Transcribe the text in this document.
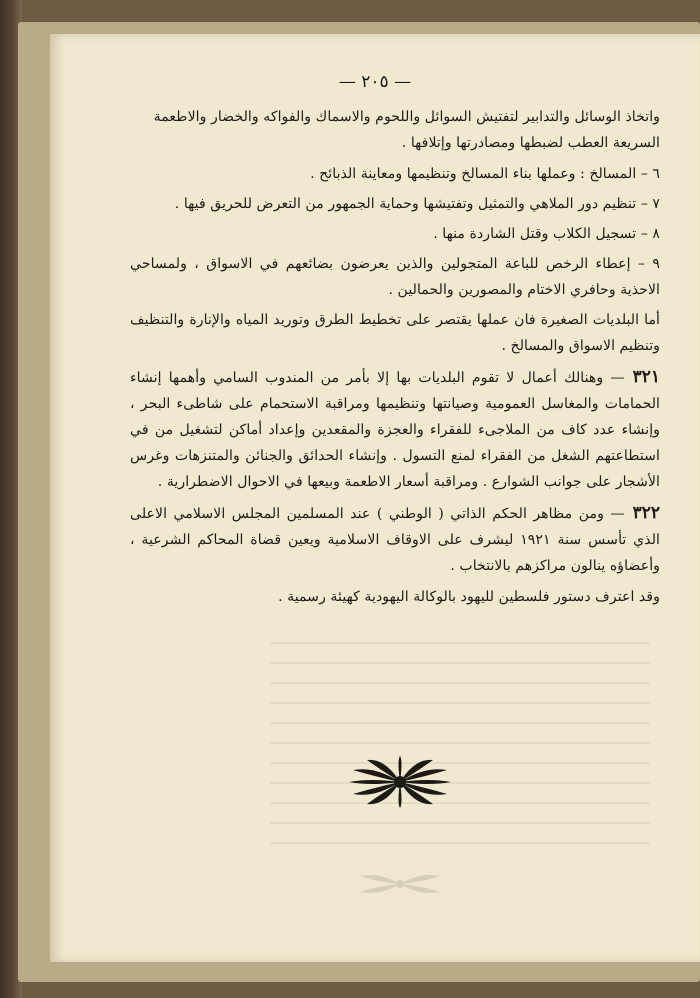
— ٢٠٥ —

واتخاذ الوسائل والتدابير لتفتيش السوائل واللحوم والاسماك والفواكه والخضار والاطعمة
السريعة العطب لضبطها ومصادرتها وإتلافها .

٦ – المسالخ : وعملها بناء المسالخ وتنظيمها ومعاينة الذبائح .
٧ – تنظيم دور الملاهي والتمثيل وتفتيشها وحماية الجمهور من التعرض للحريق فيها .
٨ – تسجيل الكلاب وقتل الشاردة منها .
٩ – إعطاء الرخص للباعة المتجولين والذين يعرضون بضائعهم في الاسواق ، ولمساحي الاحذية وحافري الاختام والمصورين والحمالين .

أما البلديات الصغيرة فان عملها يقتصر على تخطيط الطرق وتوريد المياه والإنارة والتنظيف وتنظيم الاسواق والمسالخ .

٣٢١— وهنالك أعمال لا تقوم البلديات بها إلا بأمر من المندوب السامي وأهمها إنشاء الحمامات والمغاسل العمومية وصيانتها وتنظيمها ومراقبة الاستحمام على شاطىء البحر ، وإنشاء عدد كاف من الملاجىء للفقراء والعجزة والمقعدين وإعداد أماكن لتشغيل من في استطاعتهم الشغل من الفقراء لمنع التسول . وإنشاء الحدائق والجنائن والمتنزهات وغرس الأشجار على جوانب الشوارع . ومراقبة أسعار الاطعمة وبيعها في الاحوال الاضطرارية .

٣٢٢— ومن مظاهر الحكم الذاتي ( الوطني ) عند المسلمين المجلس الاسلامي الاعلى الذي تأسس سنة ١٩٢١ ليشرف على الاوقاف الاسلامية ويعين قضاة المحاكم الشرعية ، وأعضاؤه ينالون مراكزهم بالانتخاب .

وقد اعترف دستور فلسطين لليهود بالوكالة اليهودية كهيئة رسمية .
